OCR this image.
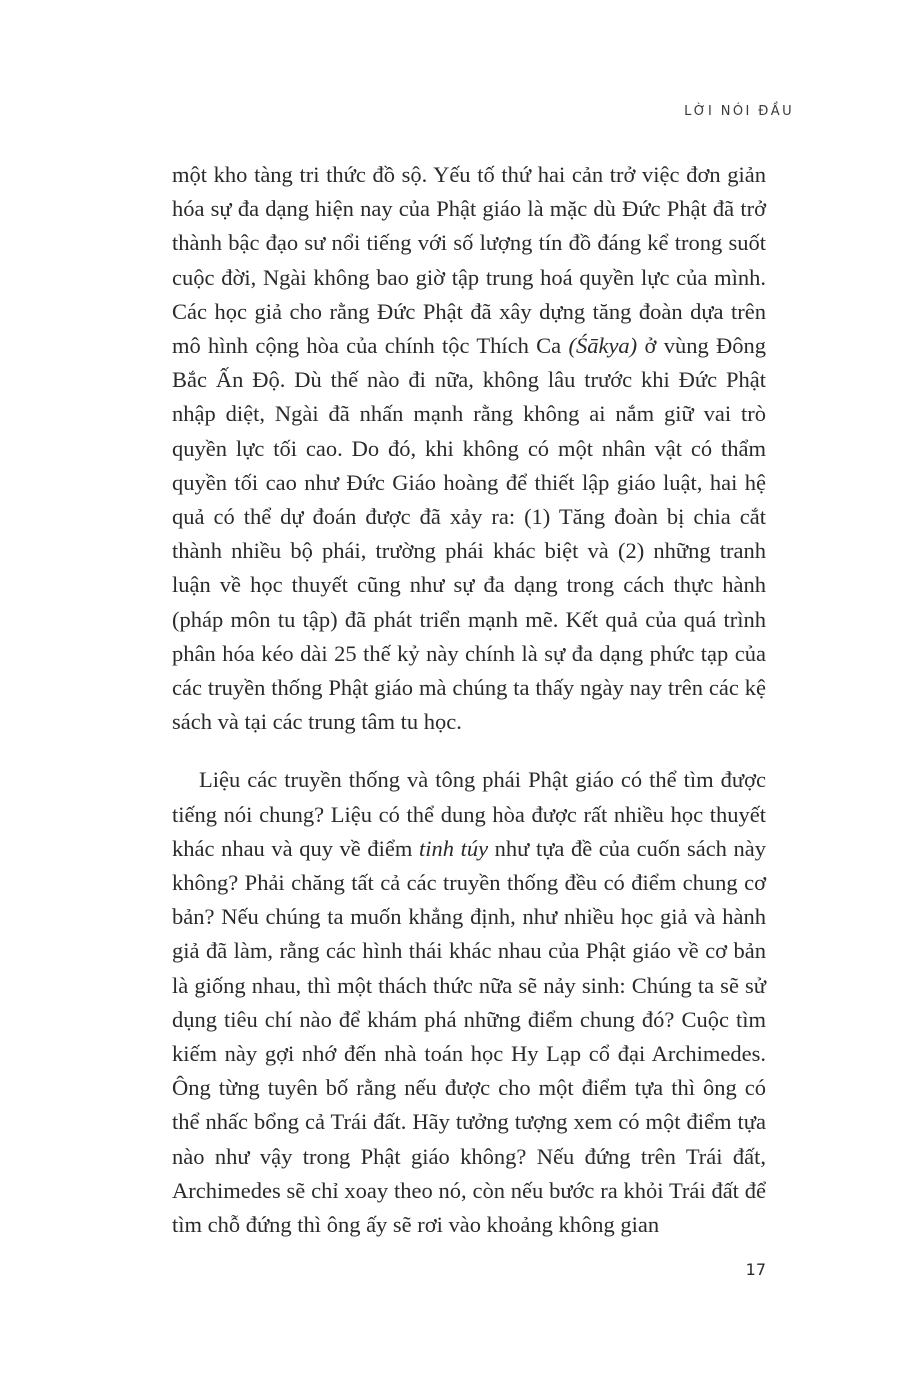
LỜI NÓI ĐẦU

một kho tàng tri thức đồ sộ. Yếu tố thứ hai cản trở việc đơn giản hóa sự đa dạng hiện nay của Phật giáo là mặc dù Đức Phật đã trở thành bậc đạo sư nổi tiếng với số lượng tín đồ đáng kể trong suốt cuộc đời, Ngài không bao giờ tập trung hoá quyền lực của mình. Các học giả cho rằng Đức Phật đã xây dựng tăng đoàn dựa trên mô hình cộng hòa của chính tộc Thích Ca (Śākya) ở vùng Đông Bắc Ấn Độ. Dù thế nào đi nữa, không lâu trước khi Đức Phật nhập diệt, Ngài đã nhấn mạnh rằng không ai nắm giữ vai trò quyền lực tối cao. Do đó, khi không có một nhân vật có thẩm quyền tối cao như Đức Giáo hoàng để thiết lập giáo luật, hai hệ quả có thể dự đoán được đã xảy ra: (1) Tăng đoàn bị chia cắt thành nhiều bộ phái, trường phái khác biệt và (2) những tranh luận về học thuyết cũng như sự đa dạng trong cách thực hành (pháp môn tu tập) đã phát triển mạnh mẽ. Kết quả của quá trình phân hóa kéo dài 25 thế kỷ này chính là sự đa dạng phức tạp của các truyền thống Phật giáo mà chúng ta thấy ngày nay trên các kệ sách và tại các trung tâm tu học.

Liệu các truyền thống và tông phái Phật giáo có thể tìm được tiếng nói chung? Liệu có thể dung hòa được rất nhiều học thuyết khác nhau và quy về điểm tinh túy như tựa đề của cuốn sách này không? Phải chăng tất cả các truyền thống đều có điểm chung cơ bản? Nếu chúng ta muốn khẳng định, như nhiều học giả và hành giả đã làm, rằng các hình thái khác nhau của Phật giáo về cơ bản là giống nhau, thì một thách thức nữa sẽ nảy sinh: Chúng ta sẽ sử dụng tiêu chí nào để khám phá những điểm chung đó? Cuộc tìm kiếm này gợi nhớ đến nhà toán học Hy Lạp cổ đại Archimedes. Ông từng tuyên bố rằng nếu được cho một điểm tựa thì ông có thể nhấc bổng cả Trái đất. Hãy tưởng tượng xem có một điểm tựa nào như vậy trong Phật giáo không? Nếu đứng trên Trái đất, Archimedes sẽ chỉ xoay theo nó, còn nếu bước ra khỏi Trái đất để tìm chỗ đứng thì ông ấy sẽ rơi vào khoảng không gian

17
